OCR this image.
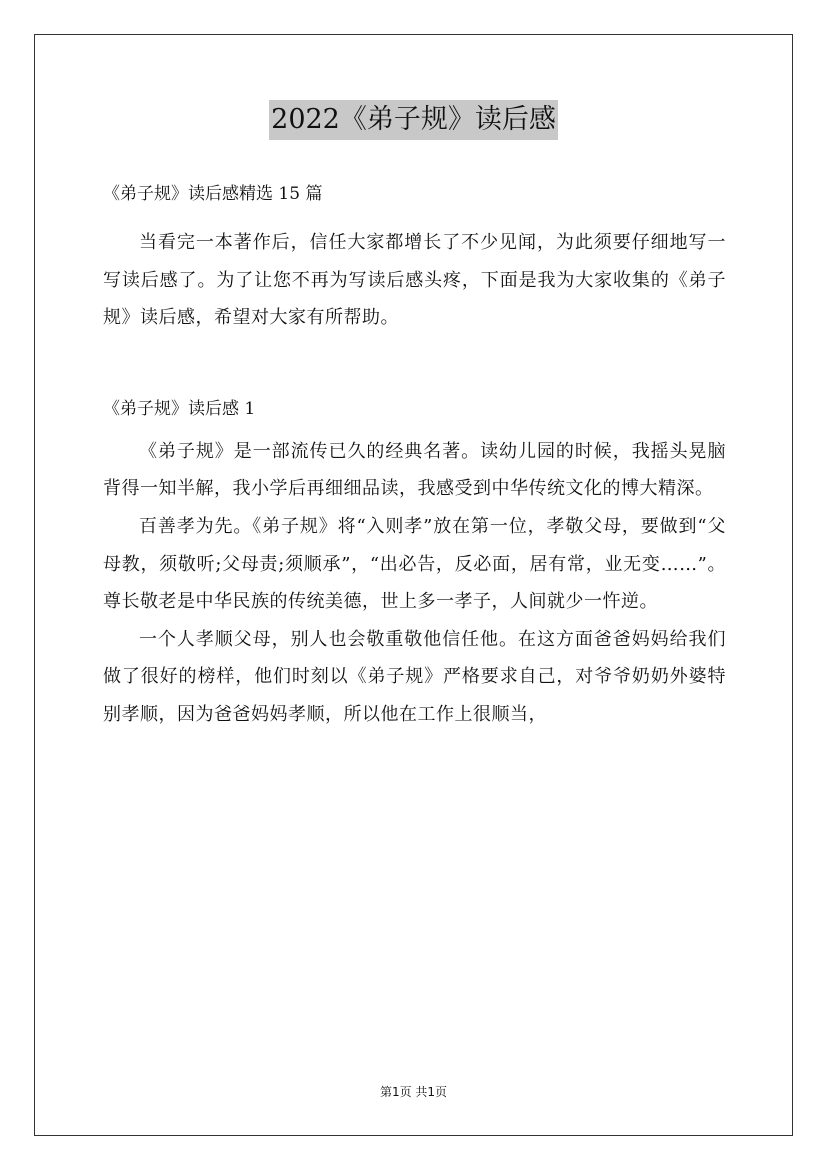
2022《弟子规》读后感

《弟子规》读后感精选 15 篇

当看完一本著作后，信任大家都增长了不少见闻，为此须要仔细地写一写读后感了。为了让您不再为写读后感头疼，下面是我为大家收集的《弟子规》读后感，希望对大家有所帮助。

《弟子规》读后感 1

《弟子规》是一部流传已久的经典名著。读幼儿园的时候，我摇头晃脑背得一知半解，我小学后再细细品读，我感受到中华传统文化的博大精深。

百善孝为先。《弟子规》将“入则孝”放在第一位，孝敬父母，要做到“父母教，须敬听;父母责;须顺承”，“出必告，反必面，居有常，业无变……”。尊长敬老是中华民族的传统美德，世上多一孝子，人间就少一忤逆。

一个人孝顺父母，别人也会敬重敬他信任他。在这方面爸爸妈妈给我们做了很好的榜样，他们时刻以《弟子规》严格要求自己，对爷爷奶奶外婆特别孝顺，因为爸爸妈妈孝顺，所以他在工作上很顺当，

第1页 共1页
